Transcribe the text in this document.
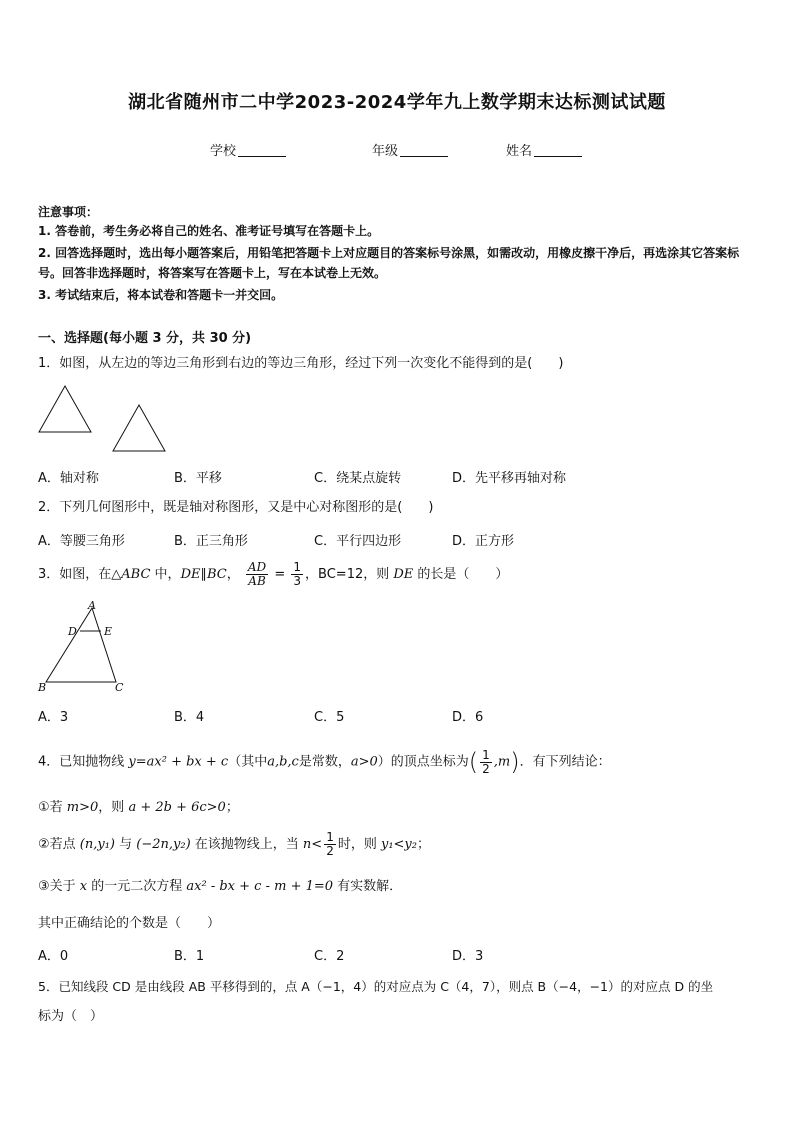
湖北省随州市二中学2023-2024学年九上数学期末达标测试试题
学校	年级	姓名
注意事项：
1. 答卷前，考生务必将自己的姓名、准考证号填写在答题卡上。
2. 回答选择题时，选出每小题答案后，用铅笔把答题卡上对应题目的答案标号涂黑，如需改动，用橡皮擦干净后，再选涂其它答案标号。回答非选择题时，将答案写在答题卡上，写在本试卷上无效。
3. 考试结束后，将本试卷和答题卡一并交回。
一、选择题(每小题 3 分，共 30 分)
1．如图，从左边的等边三角形到右边的等边三角形，经过下列一次变化不能得到的是(　　)
A．轴对称	B．平移	C．绕某点旋转	D．先平移再轴对称
2．下列几何图形中，既是轴对称图形，又是中心对称图形的是(　　)
A．等腰三角形	B．正三角形	C．平行四边形	D．正方形
3．如图，在△ABC 中，DE∥BC， $\frac{AD}{AB} = \frac{1}{3}$ ，BC=12，则 DE 的长是（　　）
A
D E
B	C
A．3	B．4	C．5	D．6
4．已知抛物线 y=ax² + bx + c（其中a,b,c是常数，a>0）的顶点坐标为( $\frac{1}{2} ,m$)．有下列结论：
①若 m>0，则 a + 2b + 6c>0；
②若点 (n,y₁) 与 (−2n,y₂) 在该抛物线上，当 $n< \frac{1}{2}$ 时，则 y₁<y₂；
③关于 x 的一元二次方程 ax² - bx + c - m + 1=0 有实数解．
其中正确结论的个数是（　　）
A．0	B．1	C．2	D．3
5．已知线段 CD 是由线段 AB 平移得到的，点 A（−1，4）的对应点为 C（4，7），则点 B（−4，−1）的对应点 D 的坐
标为（　）
